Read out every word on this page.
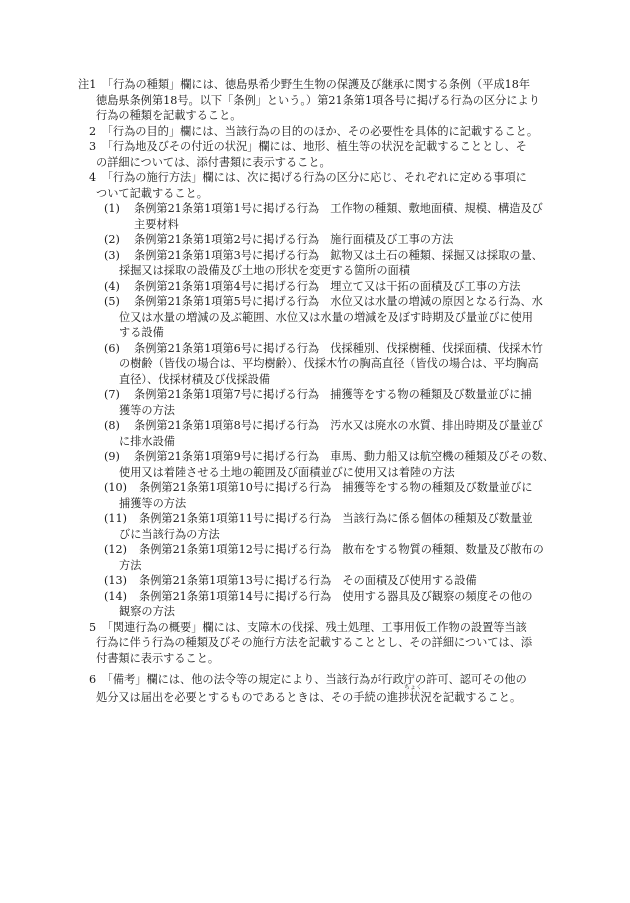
注1　「行為の種類」欄には、徳島県希少野生生物の保護及び継承に関する条例（平成18年
徳島県条例第18号。以下「条例」という。）第21条第1項各号に掲げる行為の区分により
行為の種類を記載すること。
2　「行為の目的」欄には、当該行為の目的のほか、その必要性を具体的に記載すること。
3　「行為地及びその付近の状況」欄には、地形、植生等の状況を記載することとし、そ
の詳細については、添付書類に表示すること。
4　「行為の施行方法」欄には、次に掲げる行為の区分に応じ、それぞれに定める事項に
ついて記載すること。
(1) 条例第21条第1項第1号に掲げる行為　工作物の種類、敷地面積、規模、構造及び
主要材料
(2) 条例第21条第1項第2号に掲げる行為　施行面積及び工事の方法
(3) 条例第21条第1項第3号に掲げる行為　鉱物又は土石の種類、採掘又は採取の量、
採掘又は採取の設備及び土地の形状を変更する箇所の面積
(4) 条例第21条第1項第4号に掲げる行為　埋立て又は干拓の面積及び工事の方法
(5) 条例第21条第1項第5号に掲げる行為　水位又は水量の増減の原因となる行為、水
位又は水量の増減の及ぶ範囲、水位又は水量の増減を及ぼす時期及び量並びに使用
する設備
(6) 条例第21条第1項第6号に掲げる行為　伐採種別、伐採樹種、伐採面積、伐採木竹
の樹齢（皆伐の場合は、平均樹齢）、伐採木竹の胸高直径（皆伐の場合は、平均胸高
直径）、伐採材積及び伐採設備
(7) 条例第21条第1項第7号に掲げる行為　捕獲等をする物の種類及び数量並びに捕
獲等の方法
(8) 条例第21条第1項第8号に掲げる行為　汚水又は廃水の水質、排出時期及び量並び
に排水設備
(9) 条例第21条第1項第9号に掲げる行為　車馬、動力船又は航空機の種類及びその数、
使用又は着陸させる土地の範囲及び面積並びに使用又は着陸の方法
(10) 条例第21条第1項第10号に掲げる行為　捕獲等をする物の種類及び数量並びに
捕獲等の方法
(11) 条例第21条第1項第11号に掲げる行為　当該行為に係る個体の種類及び数量並
びに当該行為の方法
(12) 条例第21条第1項第12号に掲げる行為　散布をする物質の種類、数量及び散布の
方法
(13) 条例第21条第1項第13号に掲げる行為　その面積及び使用する設備
(14) 条例第21条第1項第14号に掲げる行為　使用する器具及び観察の頻度その他の
観察の方法
5　「関連行為の概要」欄には、支障木の伐採、残土処理、工事用仮工作物の設置等当該
行為に伴う行為の種類及びその施行方法を記載することとし、その詳細については、添
付書類に表示すること。
6　「備考」欄には、他の法令等の規定により、当該行為が行政庁の許可、認可その他の
ちょく
処分又は届出を必要とするものであるときは、その手続の進捗状況を記載すること。
